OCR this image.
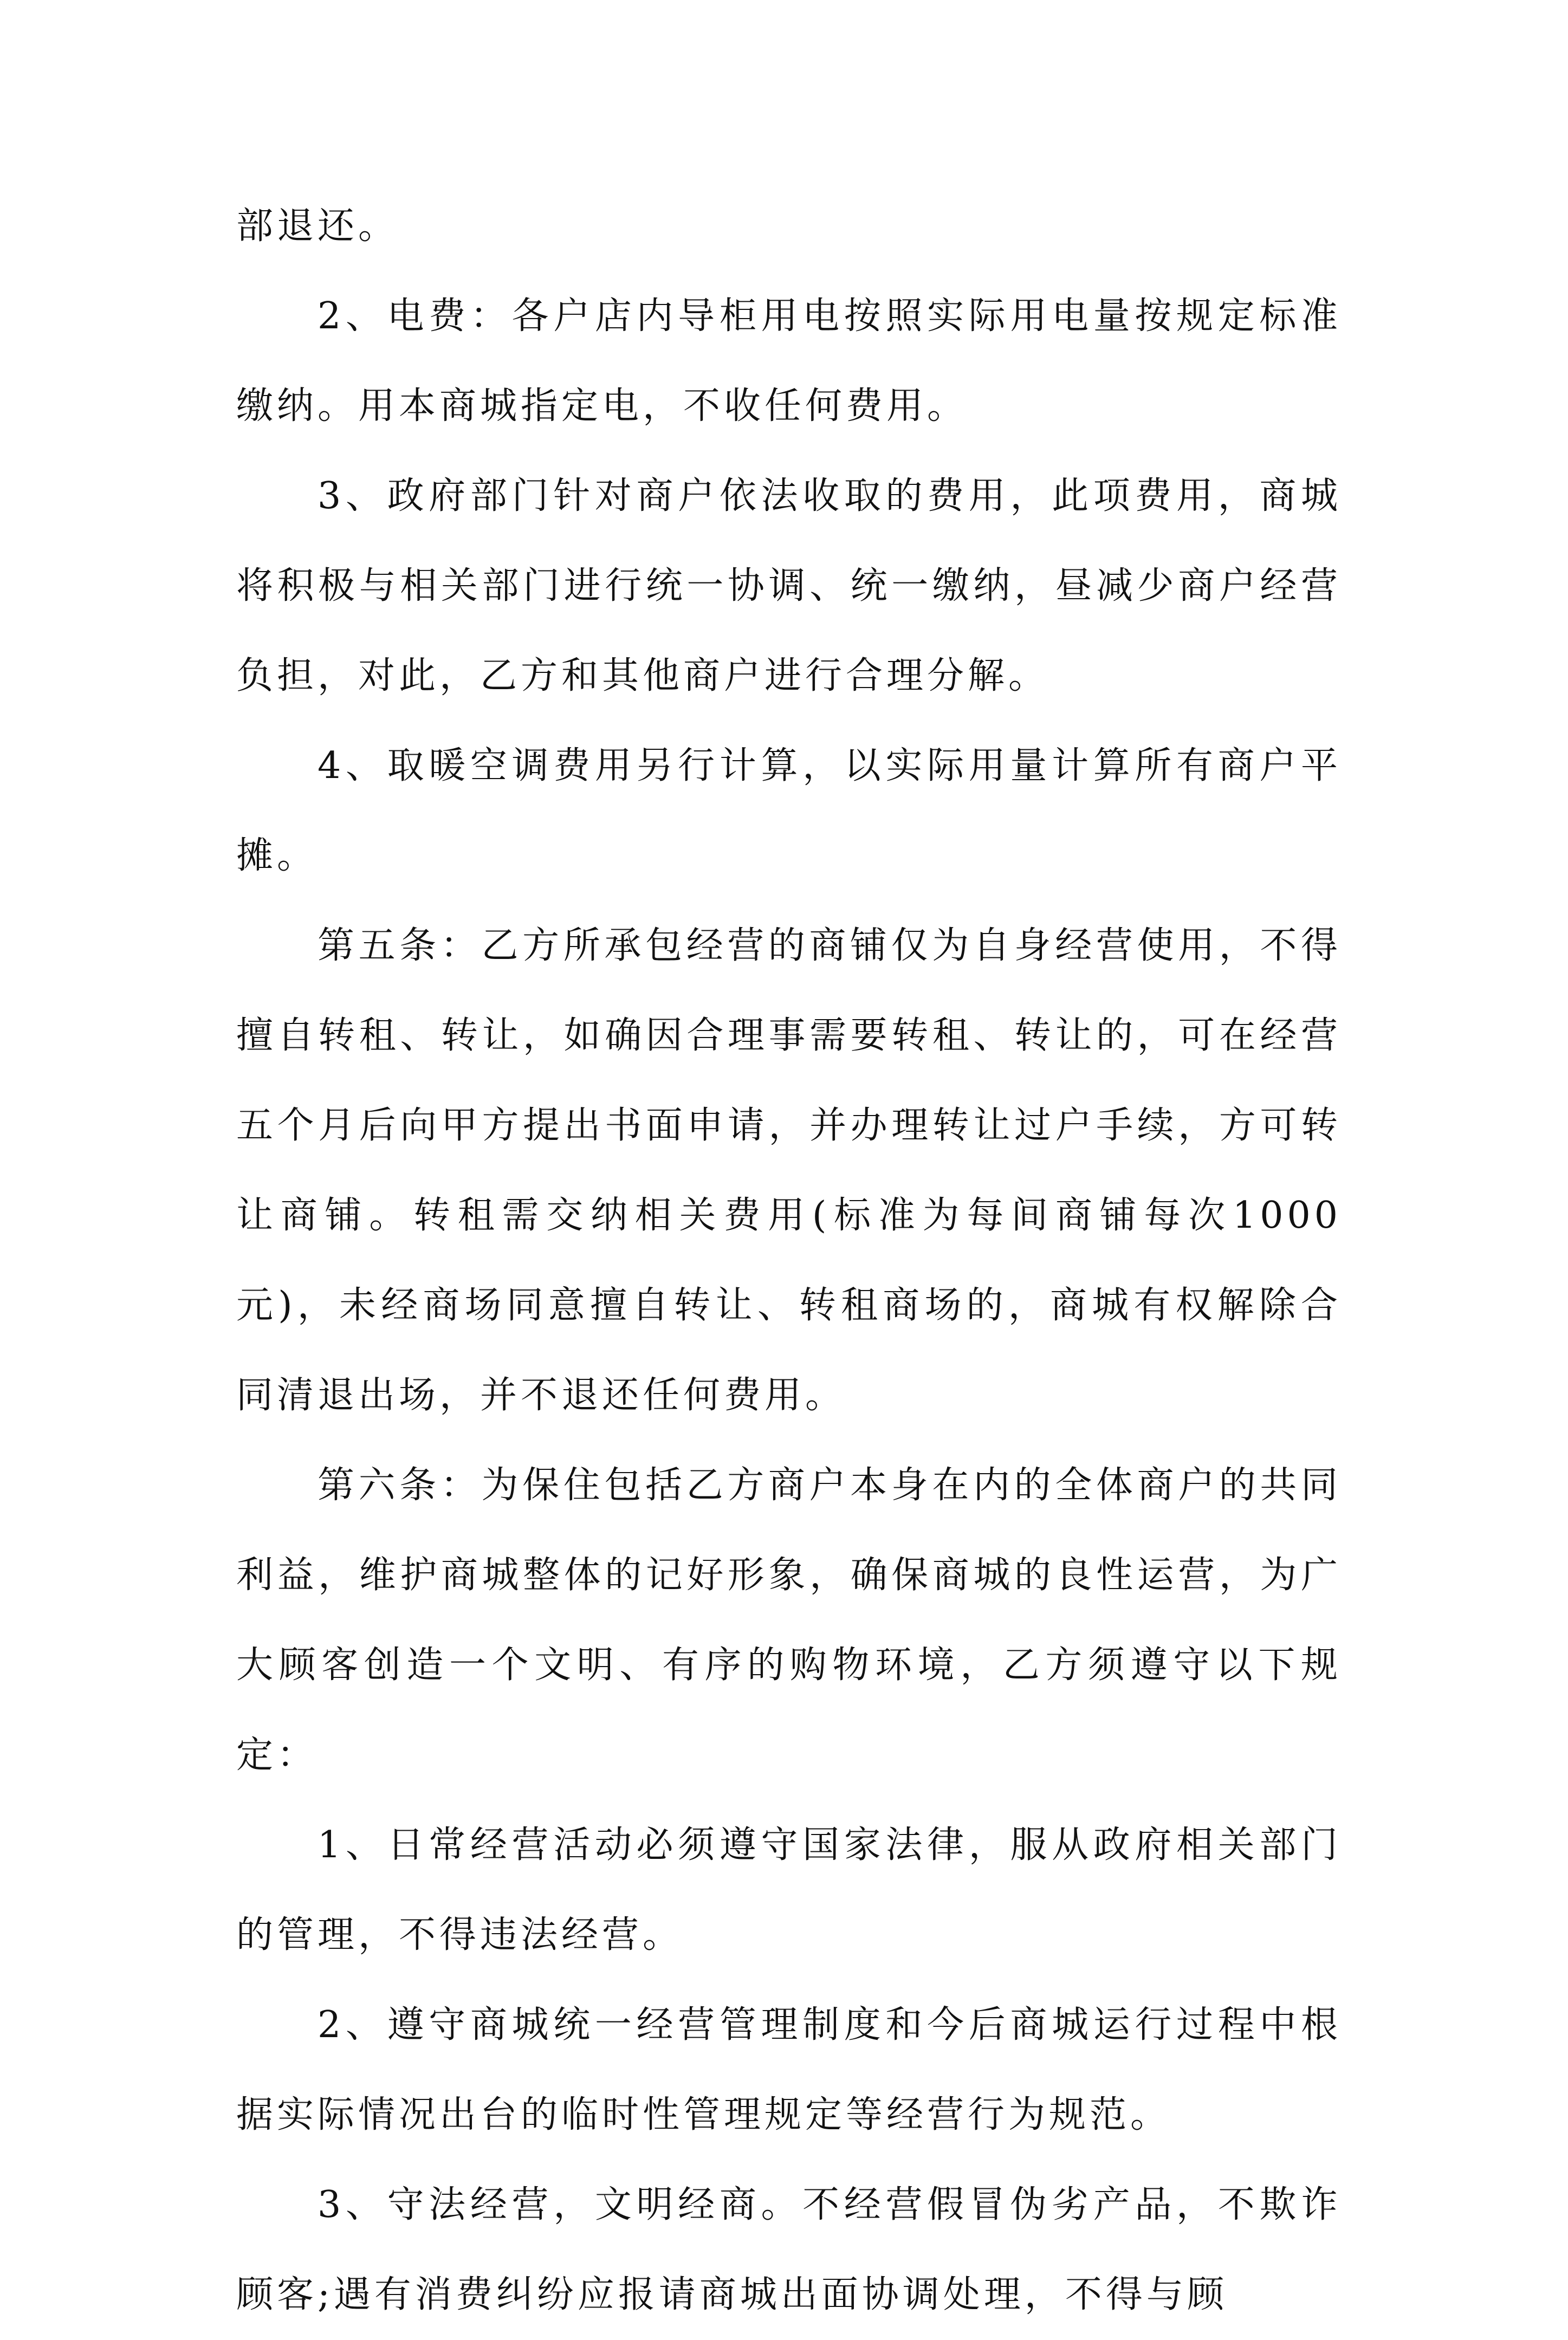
部退还。

2、电费：各户店内导柜用电按照实际用电量按规定标准缴纳。用本商城指定电，不收任何费用。

3、政府部门针对商户依法收取的费用，此项费用，商城将积极与相关部门进行统一协调、统一缴纳，昼减少商户经营负担，对此，乙方和其他商户进行合理分解。

4、取暖空调费用另行计算，以实际用量计算所有商户平摊。

第五条：乙方所承包经营的商铺仅为自身经营使用，不得擅自转租、转让，如确因合理事需要转租、转让的，可在经营五个月后向甲方提出书面申请，并办理转让过户手续，方可转让商铺。转租需交纳相关费用(标准为每间商铺每次1000 元)，未经商场同意擅自转让、转租商场的，商城有权解除合同清退出场，并不退还任何费用。

第六条：为保住包括乙方商户本身在内的全体商户的共同利益，维护商城整体的记好形象，确保商城的良性运营，为广大顾客创造一个文明、有序的购物环境，乙方须遵守以下规定：

1、日常经营活动必须遵守国家法律，服从政府相关部门的管理，不得违法经营。

2、遵守商城统一经营管理制度和今后商城运行过程中根据实际情况出台的临时性管理规定等经营行为规范。

3、守法经营，文明经商。不经营假冒伪劣产品，不欺诈顾客;遇有消费纠纷应报请商城出面协调处理，不得与顾
